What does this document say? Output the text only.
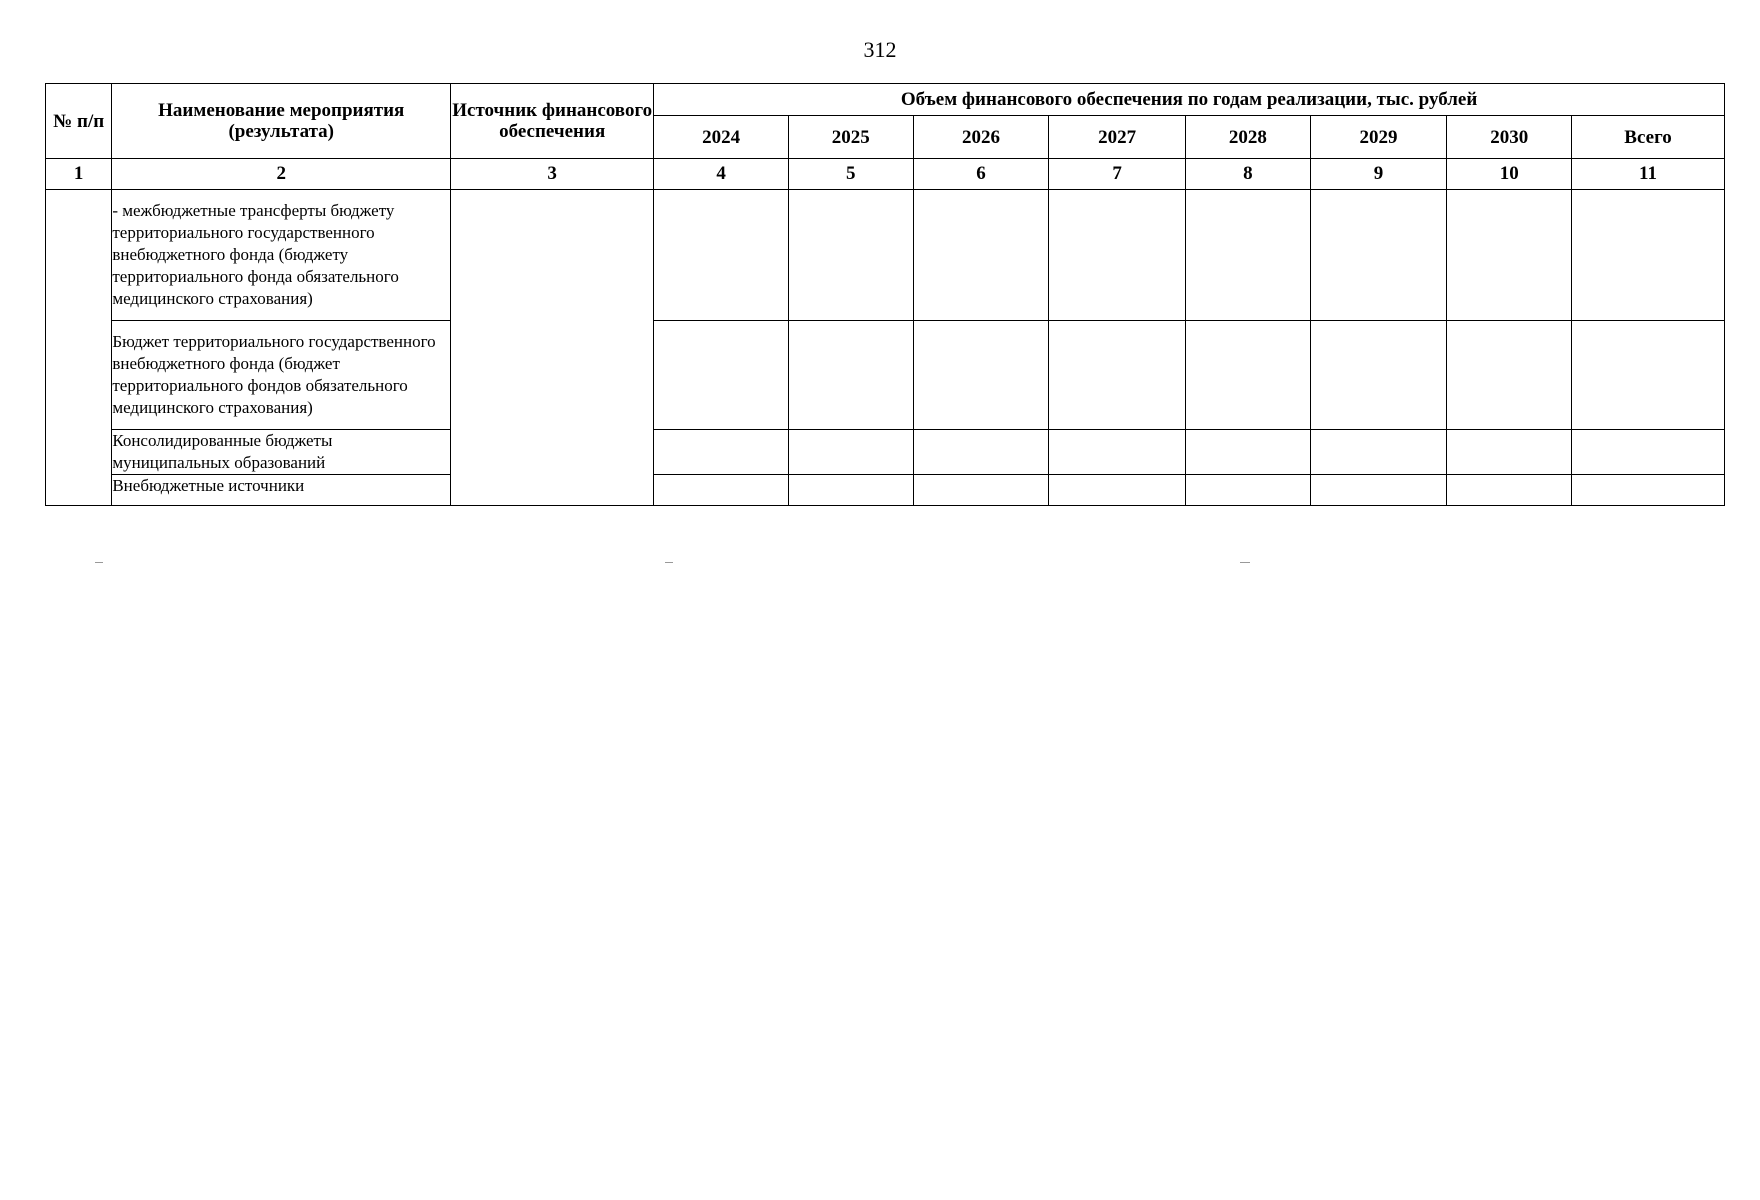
312
№ п/п	Наименование мероприятия (результата)	Источник финансового обеспечения	Объем финансового обеспечения по годам реализации, тыс. рублей							
			2024	2025	2026	2027	2028	2029	2030	Всего
1	2	3	4	5	6	7	8	9	10	11
	- межбюджетные трансферты бюджету территориального государственного внебюджетного фонда (бюджету территориального фонда обязательного медицинского страхования)									
	Бюджет территориального государственного внебюджетного фонда (бюджет территориального фондов обязательного медицинского страхования)									
	Консолидированные бюджеты муниципальных образований									
	Внебюджетные источники									
